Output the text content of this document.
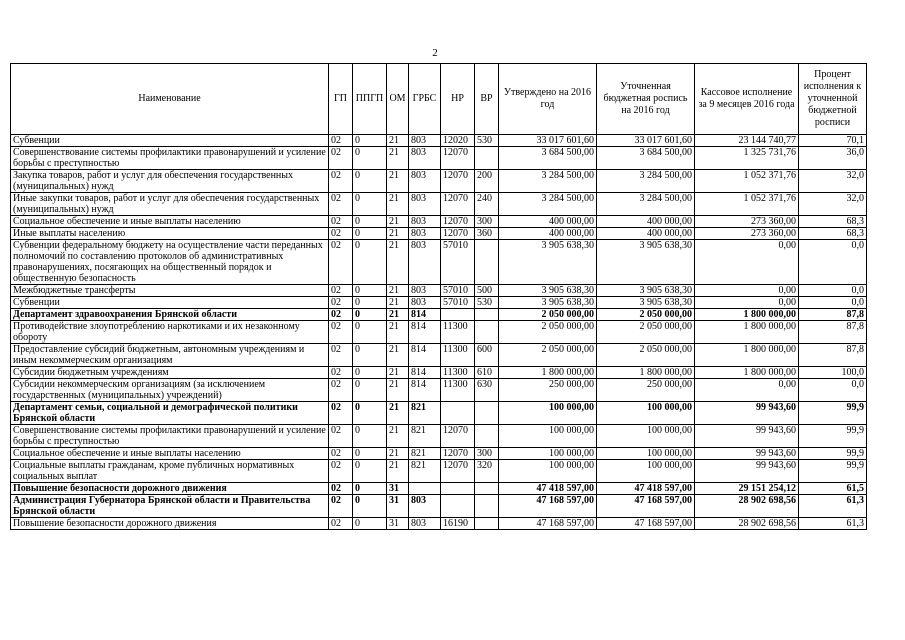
2
Наименование	ГП	ППГП	ОМ	ГРБС	НР	ВР	Утверждено на 2016 год	Уточненная бюджетная роспись на 2016 год	Кассовое исполнение за 9 месяцев 2016 года	Процент исполнения к уточненной бюджетной росписи
Субвенции	02	0	21	803	12020	530	33 017 601,60	33 017 601,60	23 144 740,77	70,1
Совершенствование системы профилактики правонарушений и усиление борьбы с преступностью	02	0	21	803	12070		3 684 500,00	3 684 500,00	1 325 731,76	36,0
Закупка товаров, работ и услуг для обеспечения государственных (муниципальных) нужд	02	0	21	803	12070	200	3 284 500,00	3 284 500,00	1 052 371,76	32,0
Иные закупки товаров, работ и услуг для обеспечения государственных (муниципальных) нужд	02	0	21	803	12070	240	3 284 500,00	3 284 500,00	1 052 371,76	32,0
Социальное обеспечение и иные выплаты населению	02	0	21	803	12070	300	400 000,00	400 000,00	273 360,00	68,3
Иные выплаты населению	02	0	21	803	12070	360	400 000,00	400 000,00	273 360,00	68,3
Субвенции федеральному бюджету на осуществление части переданных полномочий по составлению протоколов об административных правонарушениях, посягающих на общественный порядок и общественную безопасность	02	0	21	803	57010		3 905 638,30	3 905 638,30	0,00	0,0
Межбюджетные трансферты	02	0	21	803	57010	500	3 905 638,30	3 905 638,30	0,00	0,0
Субвенции	02	0	21	803	57010	530	3 905 638,30	3 905 638,30	0,00	0,0
Департамент здравоохранения Брянской области	02	0	21	814			2 050 000,00	2 050 000,00	1 800 000,00	87,8
Противодействие злоупотреблению наркотиками и их незаконному обороту	02	0	21	814	11300		2 050 000,00	2 050 000,00	1 800 000,00	87,8
Предоставление субсидий бюджетным, автономным учреждениям и иным некоммерческим организациям	02	0	21	814	11300	600	2 050 000,00	2 050 000,00	1 800 000,00	87,8
Субсидии бюджетным учреждениям	02	0	21	814	11300	610	1 800 000,00	1 800 000,00	1 800 000,00	100,0
Субсидии некоммерческим организациям (за исключением государственных (муниципальных) учреждений)	02	0	21	814	11300	630	250 000,00	250 000,00	0,00	0,0
Департамент семьи, социальной и демографической политики Брянской области	02	0	21	821			100 000,00	100 000,00	99 943,60	99,9
Совершенствование системы профилактики правонарушений и усиление борьбы с преступностью	02	0	21	821	12070		100 000,00	100 000,00	99 943,60	99,9
Социальное обеспечение и иные выплаты населению	02	0	21	821	12070	300	100 000,00	100 000,00	99 943,60	99,9
Социальные выплаты гражданам, кроме публичных нормативных социальных выплат	02	0	21	821	12070	320	100 000,00	100 000,00	99 943,60	99,9
Повышение безопасности дорожного движения	02	0	31				47 418 597,00	47 418 597,00	29 151 254,12	61,5
Администрация Губернатора Брянской области и Правительства Брянской области	02	0	31	803			47 168 597,00	47 168 597,00	28 902 698,56	61,3
Повышение безопасности дорожного движения	02	0	31	803	16190		47 168 597,00	47 168 597,00	28 902 698,56	61,3
